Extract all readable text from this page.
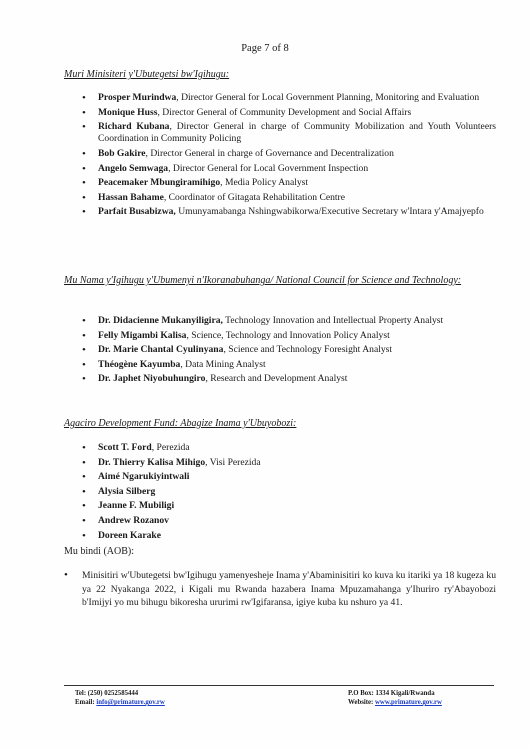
Page 7 of 8
Muri Minisiteri y'Ubutegetsi bw'Igihugu:
• Prosper Murindwa, Director General for Local Government Planning, Monitoring and Evaluation
• Monique Huss, Director General of Community Development and Social Affairs
• Richard Kubana, Director General in charge of Community Mobilization and Youth Volunteers Coordination in Community Policing
• Bob Gakire, Director General in charge of Governance and Decentralization
• Angelo Semwaga, Director General for Local Government Inspection
• Peacemaker Mbungiramihigo, Media Policy Analyst
• Hassan Bahame, Coordinator of Gitagata Rehabilitation Centre
• Parfait Busabizwa, Umunyamabanga Nshingwabikorwa/Executive Secretary w'Intara y'Amajyepfo
Mu Nama y'Igihugu y'Ubumenyi n'Ikoranabuhanga/ National Council for Science and Technology:
• Dr. Didacienne Mukanyiligira, Technology Innovation and Intellectual Property Analyst
• Felly Migambi Kalisa, Science, Technology and Innovation Policy Analyst
• Dr. Marie Chantal Cyulinyana, Science and Technology Foresight Analyst
• Théogène Kayumba, Data Mining Analyst
• Dr. Japhet Niyobuhungiro, Research and Development Analyst
Agaciro Development Fund: Abagize Inama y'Ubuyobozi:
• Scott T. Ford, Perezida
• Dr. Thierry Kalisa Mihigo, Visi Perezida
• Aimé Ngarukiyintwali
• Alysia Silberg
• Jeanne F. Mubiligi
• Andrew Rozanov
• Doreen Karake
Mu bindi (AOB):
•	Minisitiri w'Ubutegetsi bw'Igihugu yamenyesheje Inama y'Abaminisitiri ko kuva ku itariki ya 18 kugeza ku ya 22 Nyakanga 2022, i Kigali mu Rwanda hazabera Inama Mpuzamahanga y'Ihuriro ry'Abayobozi b'Imijyi yo mu bihugu bikoresha ururimi rw'Igifaransa, igiye kuba ku nshuro ya 41.
Tel: (250) 0252585444
Email: info@primature.gov.rw
P.O Box: 1334 Kigali/Rwanda
Website: www.primature.gov.rw
